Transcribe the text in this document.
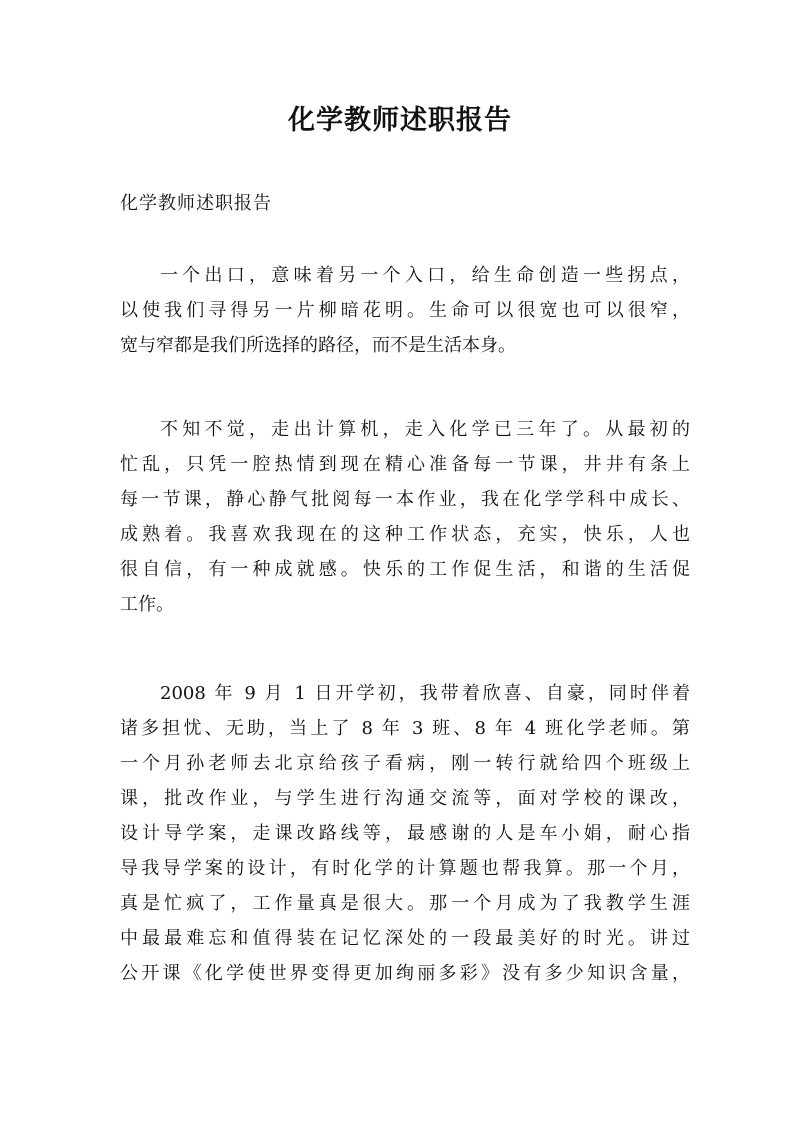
化学教师述职报告
化学教师述职报告
一个出口，意味着另一个入口，给生命创造一些拐点，
以使我们寻得另一片柳暗花明。生命可以很宽也可以很窄，
宽与窄都是我们所选择的路径，而不是生活本身。
不知不觉，走出计算机，走入化学已三年了。从最初的
忙乱，只凭一腔热情到现在精心准备每一节课，井井有条上
每一节课，静心静气批阅每一本作业，我在化学学科中成长、
成熟着。我喜欢我现在的这种工作状态，充实，快乐，人也
很自信，有一种成就感。快乐的工作促生活，和谐的生活促
工作。
2008 年 9 月 1 日开学初，我带着欣喜、自豪，同时伴着
诸多担忧、无助，当上了 8 年 3 班、8 年 4 班化学老师。第
一个月孙老师去北京给孩子看病，刚一转行就给四个班级上
课，批改作业，与学生进行沟通交流等，面对学校的课改，
设计导学案，走课改路线等，最感谢的人是车小娟，耐心指
导我导学案的设计，有时化学的计算题也帮我算。那一个月，
真是忙疯了，工作量真是很大。那一个月成为了我教学生涯
中最最难忘和值得装在记忆深处的一段最美好的时光。讲过
公开课《化学使世界变得更加绚丽多彩》没有多少知识含量，
